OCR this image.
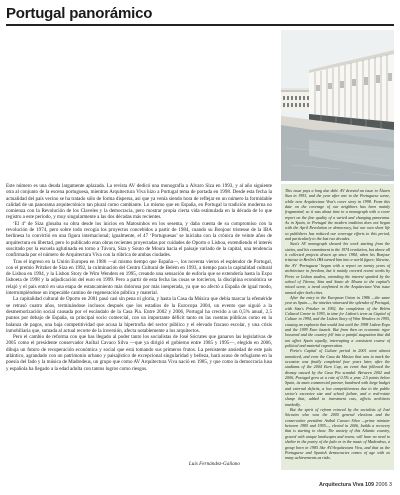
Portugal panorámico

Este número es una deuda largamente aplazada. La revista AV dedicó una monografía a Álvaro Siza en 1993, y al año siguiente otra al conjunto de la escena portuguesa, mientras Arquitectura Viva hizo a Portugal tema de portada en 1998. Desde esta fecha la actualidad del país vecino se ha tratado sólo de forma dispersa, así que ya venía siendo hora de reflejar en un número la formidable calidad de un panorama arquitectónico tan plural como cambiante. Lo mismo que en España, en Portugal la tradición moderna no comienza con la Revolución de los Claveles y la democracia, pero mostrar propia cierta vida estimulada en la década de lo que registro a este periodo, y muy singularmente a las dos décadas más recientes.

‘El 4º de Siza glosaba su obra desde los inicios en Matosinhos en los sesenta, y daba cuenta de su compromiso con la revolución de 1974, pero sobre todo recogía los proyectos concebidos a partir de 1984, cuando su Bonjour tristesse de la IBA berlinesa lo convirtió en una figura internacional; igualmente, el 47 ‘Portuguesas’ se iniciaba con la crónica de veinte años de arquitectura en libertad, pero lo publicado eran obras recientes proyectadas por cuidades de Oporto o Lisboa, extendiendo el interés suscitado por la escuela aglutinada en torno a Távora, Siza y Souto de Moura hacia el paisaje variado de la capital, una tendencia confirmada por el número de Arquitectura Viva con la rúbrica de ambas ciudades.

Tras el ingreso en la Unión Europea en 1986 —al mismo tiempo que España—, los noventa vieron el esplendor de Portugal, con el premio Pritzker de Siza en 1992, la culminación del Centro Cultural de Belém en 1993, a tiempo para la capitalidad cultural de Lisboa en 1994, y la Lisbon Story de Wim Wenders en 1995, creando una sensación de euforia que se extendería hasta la Expo lisboeta de 1998 y la adjudicación del euro en 1999. Pero a partir de esta fecha las cosas se torcieron, la disciplina económica se relajó y el país entró en una etapa de estancamiento más dolorosa por más inesperada, ya que no afectó a España de igual modo, interrumpiéndose un impecable camino de regeneración pública y material.

La capitalidad cultural de Oporto en 2001 pasó casi sin pena ni gloria, y hasta la Casa da Música que debía marcar la efeméride se retrasó cuatro años, terminándose inclusos después que los estadios de la Eurocopa 2004, un evento que siguió a la desmemorización social causada por el escándalo de la Casa Pia. Entre 2002 y 2006, Portugal ha crecido a un 0,5% anual, 2,5 puntos por debajo de España, su principal socio comercial, con un importante déficit tanto en las cuentas públicas como en la balanza de pagos, una baja competitividad que acusa la hipertrofia del sector público y el elevado fracaso escolar, y una crisis inmobiliaria que, sumada al actual recorte de la inversión, afecta notablemente a los arquitectos.

Pero el cambio de reforma con que has llegado al poder tanto los socialistas de José Sócrates que ganaron las legislativas de 2005 como el presidente conservador Aníbal Cavaco Silva —que ya dirigió el gobierno entre 1985 y 1995—, elegido en 2006, dibuja un futuro de recuperación económica y social que está tomando sus primeros frutos. La persistente ansiedad de este país atlántico, agrandado con un patrimonio urbano y paisajístico de excepcional singularidad y belleza, hará acaso de refugiarse en la poesía del fado y la música de Madredeus, un grupo que como AV Arquitectura Viva nació en 1985, y que como la democracia lusa y española ha llegado a la edad adulta con tantos logros como riesgos.

Luis Fernández-Galiano

This issue pays a long due debt. AV devoted an issue to Álvaro Siza in 1993, and the year after one to the Portuguese scene, while now Arquitectura Viva's cover story in 1998. From this date on the coverage of our neighbors has been mainly fragmented, so it was about time to a monograph with a cover report on the fine quality of a varied and changing panorama. As in Spain, in Portugal the modern tradition does not began with the April Revolution or democracy, but our own short life so publishers has reduced our coverage efforts to this period, and particularly to the last two decades.

Siza's AV monograph showed his work starting from the sixties, and his commitment to the 1974 revolution, but above all it collected projects drawn up since 1984, when his Bonjour tristesse in Berlin's IBA turned him into a world figure; likewise, the AV ‘Portuguese’ began with a report on twenty years of architecture in freedom, but it mainly covered recent works by Porto or Lisbon studios, extending the interest sparked by the school of Távora, Siza and Souto de Moura to the capital's mixed scene, a trend confirmed in the Arquitectura Viva issue named after both cities.

After the entry in the European Union in 1986 —the same year as Spain—, the nineties witnessed the splendor of Portugal, with Siza's Pritzker in 1992, the completion of the Belém Cultural Center in 1993, in time for Lisbon's term as Capital of Culture in 1994, and the Lisbon Story of Wim Wenders in 1995, causing an euphoria that would last until the 1998 Lisbon Expo and the 1999 Euro launch. But from then on economic rigor loosened and the country fell into a painful stagnation that did not affect Spain equally, interrupting a consistent course of political and material regeneration.

Porto's Capital of Culture period in 2001 went almost unnoticed, and even the Casa da Música that was to mark the occasion was finally completed four years later, after the stadiums of the 2004 Euro Cup, an event that followed the dismay caused by the Casa Pia scandal. Between 2002 and 2006, Portugal grew at a rate of 0.5% a year, 2.5 points below Spain, its main commercial partner, burdened with large budget and external deficits, a low competitiveness due to the public sector's excessive size and school failure, and a real-estate slump that, added to investment cuts, affects architects markedly.

But the spirit of reform evinced by the socialists of José Sócrates who won the 2005 general elections and the conservative president Aníbal Cavaco Silva —prime minister between 1985 and 1995—, elected in 2006, builds a recovery that is starting to show. The anxiety of this Atlantic country, graced with unique landscapes and towns, will have no need to shelter in the poetry of the fado or in the music of Madredeus, a group born in 1985 like AV/Arquitectura Viva, and that as the Portuguese and Spanish democracies comes of age with as many achievements as risks.

Arquitectura Viva 109 2006 3
